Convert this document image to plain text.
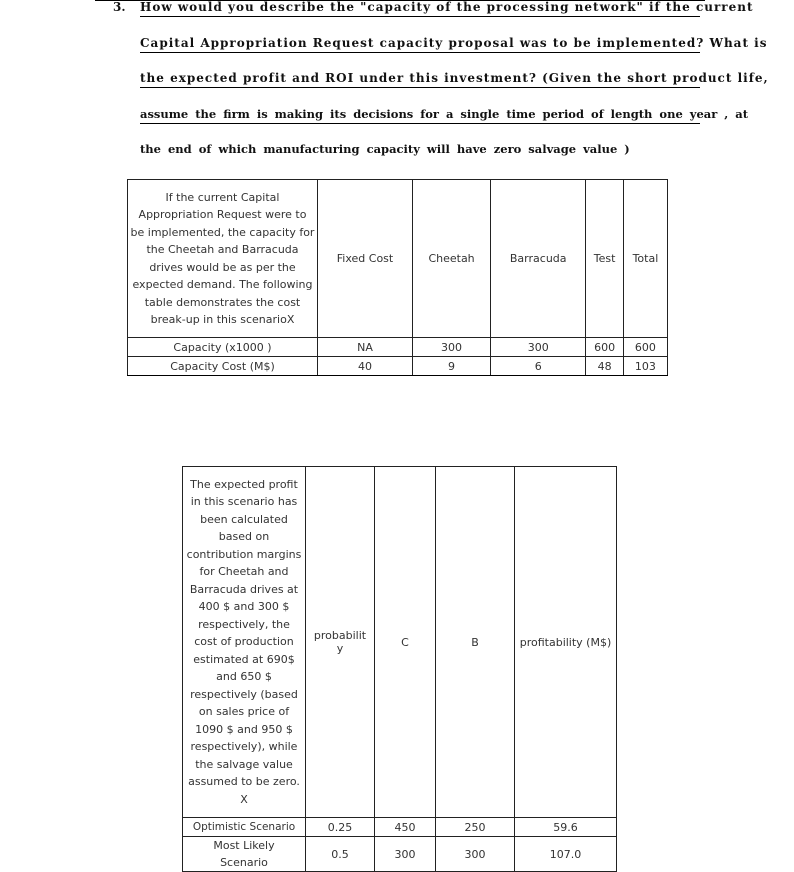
3. How would you describe the "capacity of the processing network" if the current
Capital Appropriation Request capacity proposal was to be implemented? What is
the expected profit and ROI under this investment? (Given the short product life,
assume the firm is making its decisions for a single time period of length one year , at
the end of which manufacturing capacity will have zero salvage value )
If the current Capital Appropriation Request were to be implemented, the capacity for the Cheetah and Barracuda drives would be as per the expected demand. The following table demonstrates the cost break-up in this scenarioX	Fixed Cost	Cheetah	Barracuda	Test	Total
Capacity (x1000 )	NA	300	300	600	600
Capacity Cost (M$)	40	9	6	48	103
The expected profit in this scenario has been calculated based on contribution margins for Cheetah and Barracuda drives at 400 $ and 300 $ respectively, the cost of production estimated at 690$ and 650 $ respectively (based on sales price of 1090 $ and 950 $ respectively), while the salvage value assumed to be zero. X	probabilit y	C	B	profitability (M$)
Optimistic Scenario	0.25	450	250	59.6
Most Likely Scenario	0.5	300	300	107.0
